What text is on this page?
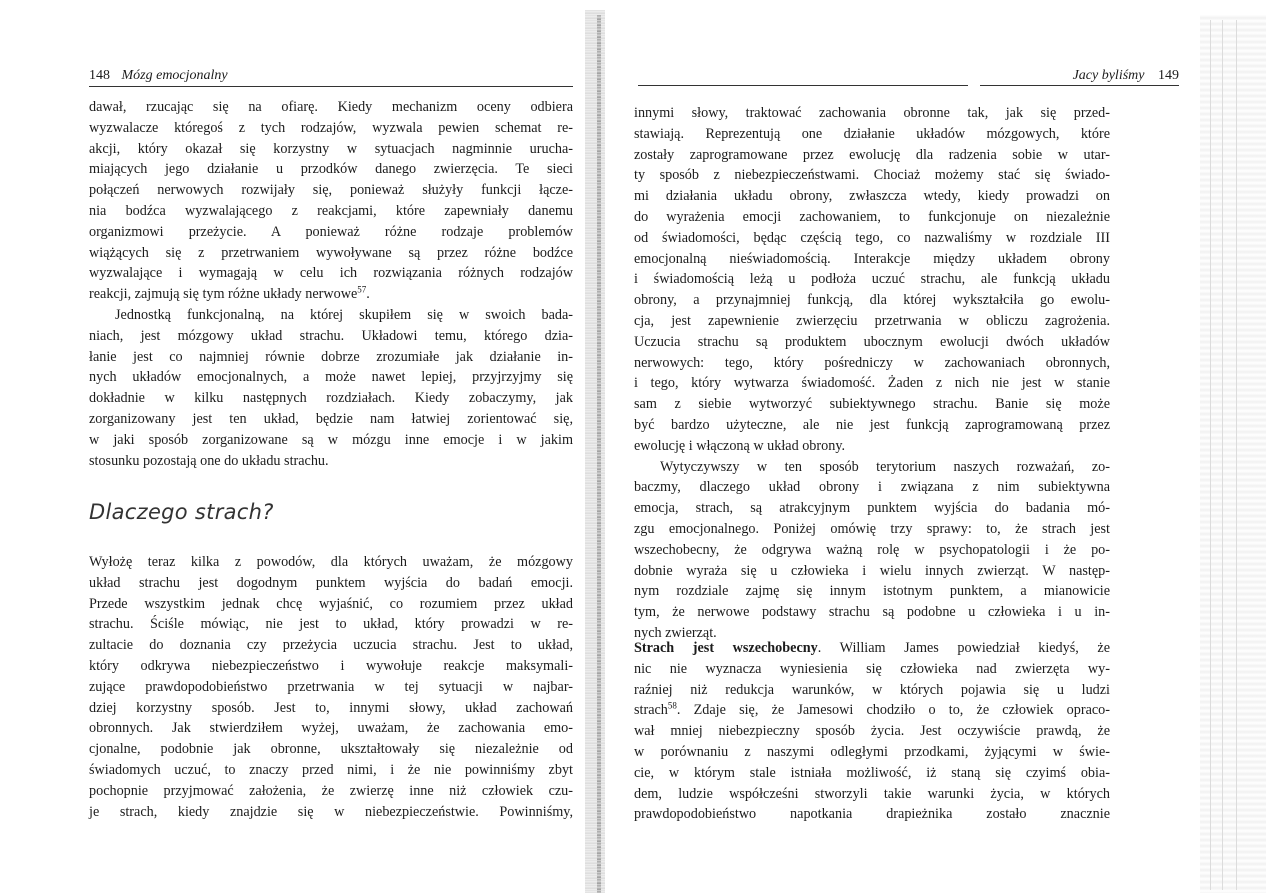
148 Mózg emocjonalny
dawał, rzucając się na ofiarę. Kiedy mechanizm oceny odbiera
wyzwalacze któregoś z tych rodzajów, wyzwala pewien schemat re-
akcji, który okazał się korzystny w sytuacjach nagminnie urucha-
miających jego działanie u przodków danego zwierzęcia. Te sieci
połączeń nerwowych rozwijały się, ponieważ służyły funkcji łącze-
nia bodźca wyzwalającego z reakcjami, które zapewniały danemu
organizmowi przeżycie. A ponieważ różne rodzaje problemów
wiążących się z przetrwaniem wywoływane są przez różne bodźce
wyzwalające i wymagają w celu ich rozwiązania różnych rodzajów
reakcji, zajmują się tym różne układy nerwowe$^{57}$.
Jednostką funkcjonalną, na której skupiłem się w swoich bada-
niach, jest mózgowy układ strachu. Układowi temu, którego dzia-
łanie jest co najmniej równie dobrze zrozumiałe jak działanie in-
nych układów emocjonalnych, a może nawet lepiej, przyjrzyjmy się
dokładnie w kilku następnych rozdziałach. Kiedy zobaczymy, jak
zorganizowany jest ten układ, będzie nam łatwiej zorientować się,
w jaki sposób zorganizowane są w mózgu inne emocje i w jakim
stosunku pozostają one do układu strachu.
Dlaczego strach?
Wyłożę teraz kilka z powodów, dla których uważam, że mózgowy
układ strachu jest dogodnym punktem wyjścia do badań emocji.
Przede wszystkim jednak chcę wyjaśnić, co rozumiem przez układ
strachu. Ściśle mówiąc, nie jest to układ, który prowadzi w re-
zultacie do doznania czy przeżycia uczucia strachu. Jest to układ,
który odkrywa niebezpieczeństwo i wywołuje reakcje maksymali-
zujące prawdopodobieństwo przetrwania w tej sytuacji w najbar-
dziej korzystny sposób. Jest to, innymi słowy, układ zachowań
obronnych. Jak stwierdziłem wyżej, uważam, że zachowania emo-
cjonalne, podobnie jak obronne, ukształtowały się niezależnie od
świadomych uczuć, to znaczy przed nimi, i że nie powinniśmy zbyt
pochopnie przyjmować założenia, że zwierzę inne niż człowiek czu-
je strach, kiedy znajdzie się w niebezpieczeństwie. Powinniśmy,
Jacy byliśmy 149
innymi słowy, traktować zachowania obronne tak, jak się przed-
stawiają. Reprezentują one działanie układów mózgowych, które
zostały zaprogramowane przez ewolucję dla radzenia sobie w utar-
ty sposób z niebezpieczeństwami. Chociaż możemy stać się świado-
mi działania układu obrony, zwłaszcza wtedy, kiedy prowadzi on
do wyrażenia emocji zachowaniem, to funkcjonuje on niezależnie
od świadomości, będąc częścią tego, co nazwaliśmy w rozdziale III
emocjonalną nieświadomością. Interakcje między układem obrony
i świadomością leżą u podłoża uczuć strachu, ale funkcją układu
obrony, a przynajmniej funkcją, dla której wykształciła go ewolu-
cja, jest zapewnienie zwierzęciu przetrwania w obliczu zagrożenia.
Uczucia strachu są produktem ubocznym ewolucji dwóch układów
nerwowych: tego, który pośredniczy w zachowaniach obronnych,
i tego, który wytwarza świadomość. Żaden z nich nie jest w stanie
sam z siebie wytworzyć subiektywnego strachu. Banie się może
być bardzo użyteczne, ale nie jest funkcją zaprogramowaną przez
ewolucję i włączoną w układ obrony.
Wytyczywszy w ten sposób terytorium naszych rozważań, zo-
baczmy, dlaczego układ obrony i związana z nim subiektywna
emocja, strach, są atrakcyjnym punktem wyjścia do badania mó-
zgu emocjonalnego. Poniżej omówię trzy sprawy: to, że strach jest
wszechobecny, że odgrywa ważną rolę w psychopatologii i że po-
dobnie wyraża się u człowieka i wielu innych zwierząt. W następ-
nym rozdziale zajmę się innym istotnym punktem, a mianowicie
tym, że nerwowe podstawy strachu są podobne u człowieka i u in-
nych zwierząt.
Strach jest wszechobecny. William James powiedział kiedyś, że
nic nie wyznacza wyniesienia się człowieka nad zwierzęta wy-
raźniej niż redukcja warunków, w których pojawia się u ludzi
strach$^{58}$. Zdaje się, że Jamesowi chodziło o to, że człowiek opraco-
wał mniej niebezpieczny sposób życia. Jest oczywiście prawdą, że
w porównaniu z naszymi odległymi przodkami, żyjącymi w świe-
cie, w którym stale istniała możliwość, iż staną się czyimś obia-
dem, ludzie współcześni stworzyli takie warunki życia, w których
prawdopodobieństwo napotkania drapieżnika zostało znacznie
